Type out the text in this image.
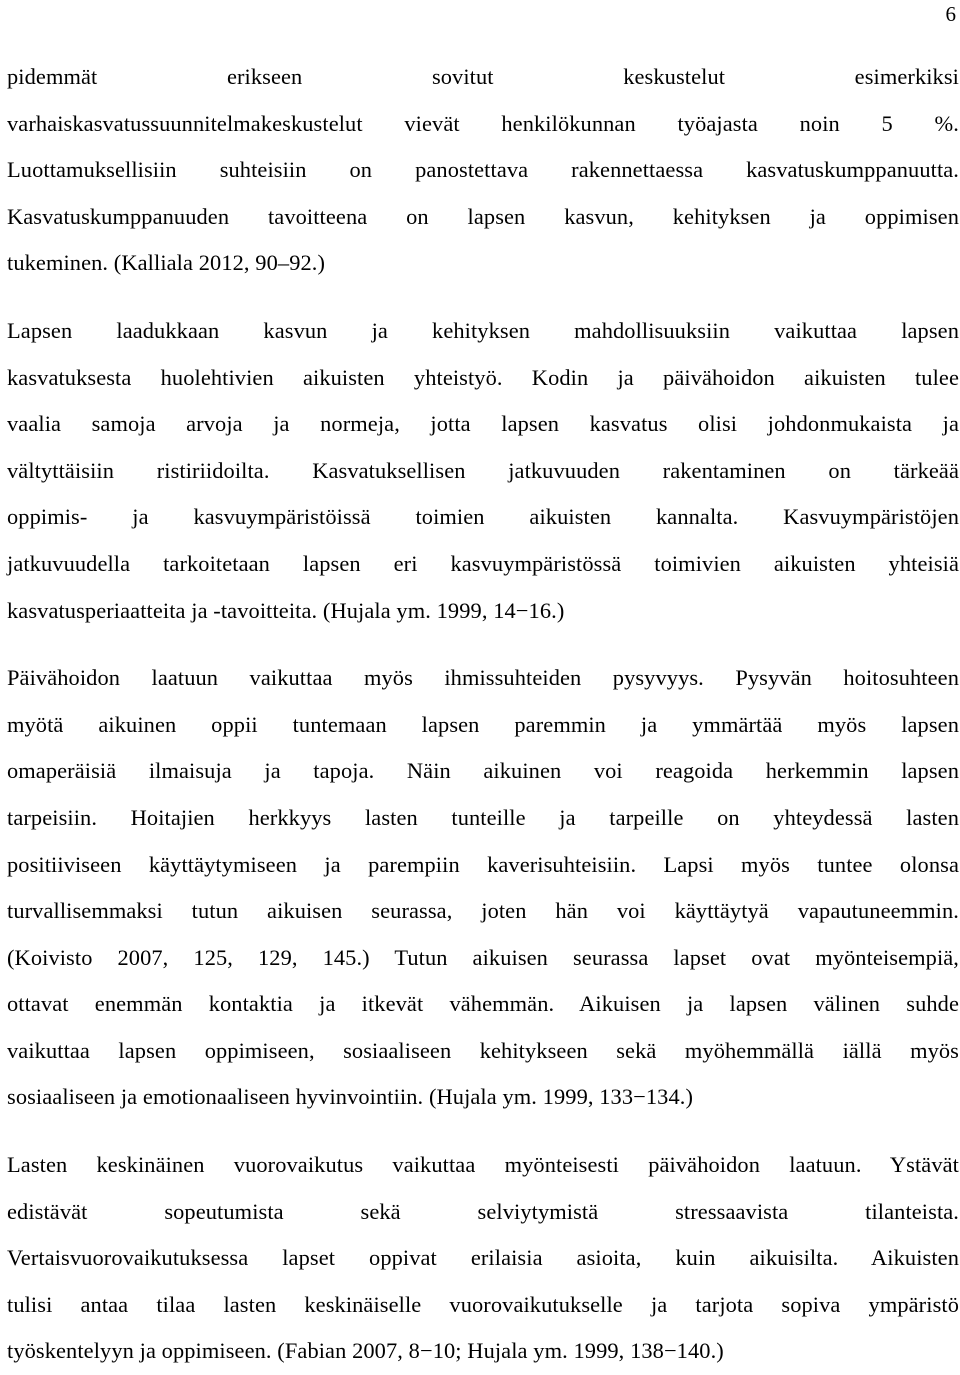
6

pidemmät erikseen sovitut keskustelut esimerkiksi
varhaiskasvatussuunnitelmakeskustelut vievät henkilökunnan työajasta noin 5 %.
Luottamuksellisiin suhteisiin on panostettava rakennettaessa kasvatuskumppanuutta.
Kasvatuskumppanuuden tavoitteena on lapsen kasvun, kehityksen ja oppimisen
tukeminen. (Kalliala 2012, 90‒92.)

Lapsen laadukkaan kasvun ja kehityksen mahdollisuuksiin vaikuttaa lapsen
kasvatuksesta huolehtivien aikuisten yhteistyö. Kodin ja päivähoidon aikuisten tulee
vaalia samoja arvoja ja normeja, jotta lapsen kasvatus olisi johdonmukaista ja
vältyttäisiin ristiriidoilta. Kasvatuksellisen jatkuvuuden rakentaminen on tärkeää
oppimis- ja kasvuympäristöissä toimien aikuisten kannalta. Kasvuympäristöjen
jatkuvuudella tarkoitetaan lapsen eri kasvuympäristössä toimivien aikuisten yhteisiä
kasvatusperiaatteita ja -tavoitteita. (Hujala ym. 1999, 14−16.)

Päivähoidon laatuun vaikuttaa myös ihmissuhteiden pysyvyys. Pysyvän hoitosuhteen
myötä aikuinen oppii tuntemaan lapsen paremmin ja ymmärtää myös lapsen
omaperäisiä ilmaisuja ja tapoja. Näin aikuinen voi reagoida herkemmin lapsen
tarpeisiin. Hoitajien herkkyys lasten tunteille ja tarpeille on yhteydessä lasten
positiiviseen käyttäytymiseen ja parempiin kaverisuhteisiin. Lapsi myös tuntee olonsa
turvallisemmaksi tutun aikuisen seurassa, joten hän voi käyttäytyä vapautuneemmin.
(Koivisto 2007, 125, 129, 145.) Tutun aikuisen seurassa lapset ovat myönteisempiä,
ottavat enemmän kontaktia ja itkevät vähemmän. Aikuisen ja lapsen välinen suhde
vaikuttaa lapsen oppimiseen, sosiaaliseen kehitykseen sekä myöhemmällä iällä myös
sosiaaliseen ja emotionaaliseen hyvinvointiin. (Hujala ym. 1999, 133−134.)

Lasten keskinäinen vuorovaikutus vaikuttaa myönteisesti päivähoidon laatuun. Ystävät
edistävät sopeutumista sekä selviytymistä stressaavista tilanteista.
Vertaisvuorovaikutuksessa lapset oppivat erilaisia asioita, kuin aikuisilta. Aikuisten
tulisi antaa tilaa lasten keskinäiselle vuorovaikutukselle ja tarjota sopiva ympäristö
työskentelyyn ja oppimiseen. (Fabian 2007, 8−10; Hujala ym. 1999, 138−140.)
